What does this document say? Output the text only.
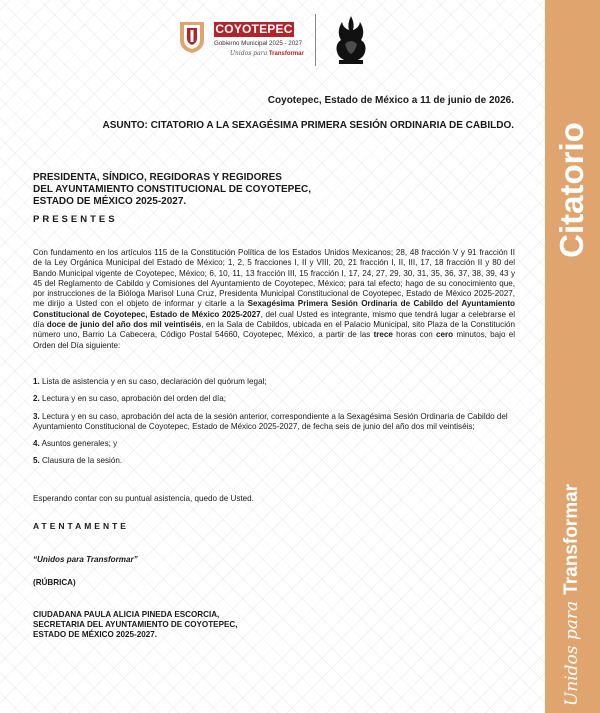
Citatorio
Unidos paraTransformar
COYOTEPEC
Gobierno Municipal 2025 - 2027
Unidos para Transformar
Coyotepec, Estado de México a 11 de junio de 2026.
ASUNTO: CITATORIO A LA SEXAGÉSIMA PRIMERA SESIÓN ORDINARIA DE CABILDO.
PRESIDENTA, SÍNDICO, REGIDORAS Y REGIDORES
DEL AYUNTAMIENTO CONSTITUCIONAL DE COYOTEPEC,
ESTADO DE MÉXICO 2025-2027.
PRESENTES

Con fundamento en los artículos 115 de la Constitución Política de los Estados Unidos Mexicanos; 28, 48 fracción V y 91 fracción II de la Ley Orgánica Municipal del Estado de México; 1, 2, 5 fracciones I, II y VIII, 20, 21 fracción I, II, III, 17, 18 fracción II y 80 del Bando Municipal vigente de Coyotepec, México; 6, 10, 11, 13 fracción III, 15 fracción I, 17, 24, 27, 29, 30, 31, 35, 36, 37, 38, 39, 43 y 45 del Reglamento de Cabildo y Comisiones del Ayuntamiento de Coyotepec, México; para tal efecto; hago de su conocimiento que, por instrucciones de la Bióloga Marisol Luna Cruz, Presidenta Municipal Constitucional de Coyotepec, Estado de México 2025-2027, me dirijo a Usted con el objeto de informar y citarle a la Sexagésima Primera Sesión Ordinaria de Cabildo del Ayuntamiento Constitucional de Coyotepec, Estado de México 2025-2027, del cual Usted es integrante, mismo que tendrá lugar a celebrarse el día doce de junio del año dos mil veintiséis, en la Sala de Cabildos, ubicada en el Palacio Municipal, sito Plaza de la Constitución número uno, Barrio La Cabecera, Código Postal 54660, Coyotepec, México, a partir de las trece horas con cero minutos, bajo el Orden del Día siguiente:

1. Lista de asistencia y en su caso, declaración del quórum legal;
2. Lectura y en su caso, aprobación del orden del día;
3. Lectura y en su caso, aprobación del acta de la sesión anterior, correspondiente a la Sexagésima Sesión Ordinaria de Cabildo del Ayuntamiento Constitucional de Coyotepec, Estado de México 2025-2027, de fecha seis de junio del año dos mil veintiséis;
4. Asuntos generales; y
5. Clausura de la sesión.
Esperando contar con su puntual asistencia, quedo de Usted.
ATENTAMENTE
“Unidos para Transformar”
(RÚBRICA)
CIUDADANA PAULA ALICIA PINEDA ESCORCIA,
SECRETARIA DEL AYUNTAMIENTO DE COYOTEPEC,
ESTADO DE MÉXICO 2025-2027.
